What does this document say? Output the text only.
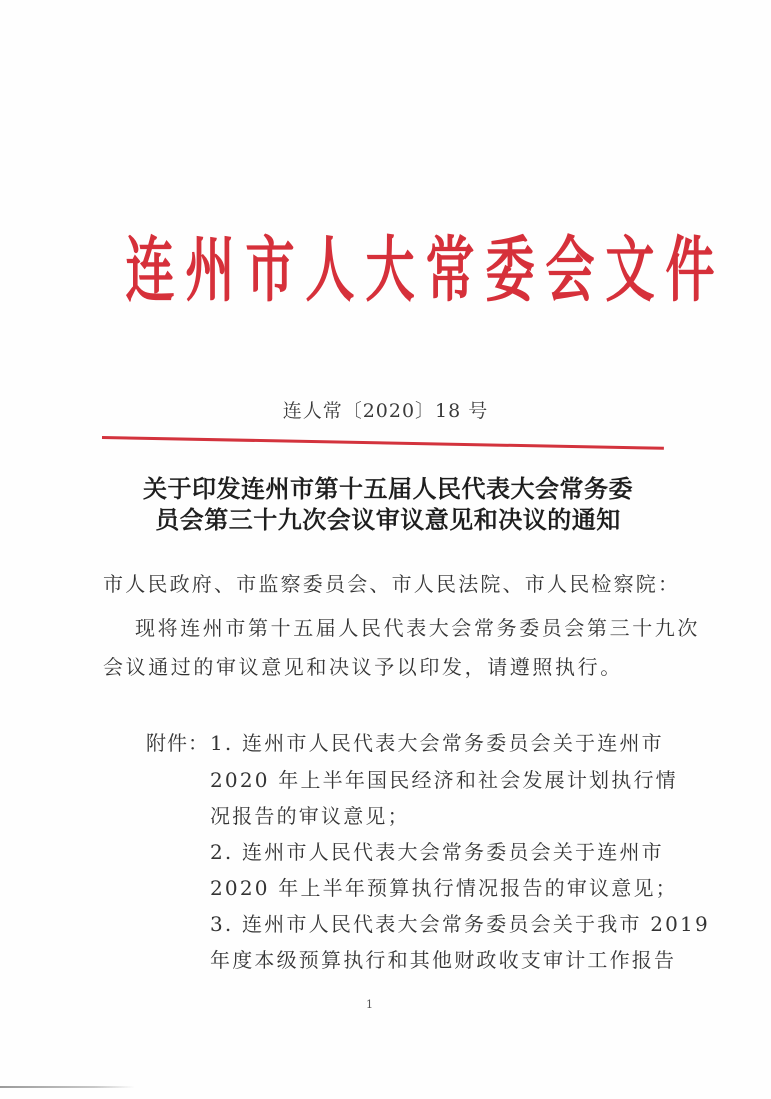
连 州 市 人 大 常 委 会 文 件
连人常〔2020〕18 号
关于印发连州市第十五届人民代表大会常务委
员会第三十九次会议审议意见和决议的通知
市人民政府、市监察委员会、市人民法院、市人民检察院：
现将连州市第十五届人民代表大会常务委员会第三十九次
会议通过的审议意见和决议予以印发，请遵照执行。
附件： 1. 连州市人民代表大会常务委员会关于连州市
2020 年上半年国民经济和社会发展计划执行情
况报告的审议意见；
2. 连州市人民代表大会常务委员会关于连州市
2020 年上半年预算执行情况报告的审议意见；
3. 连州市人民代表大会常务委员会关于我市 2019
年度本级预算执行和其他财政收支审计工作报告
1
